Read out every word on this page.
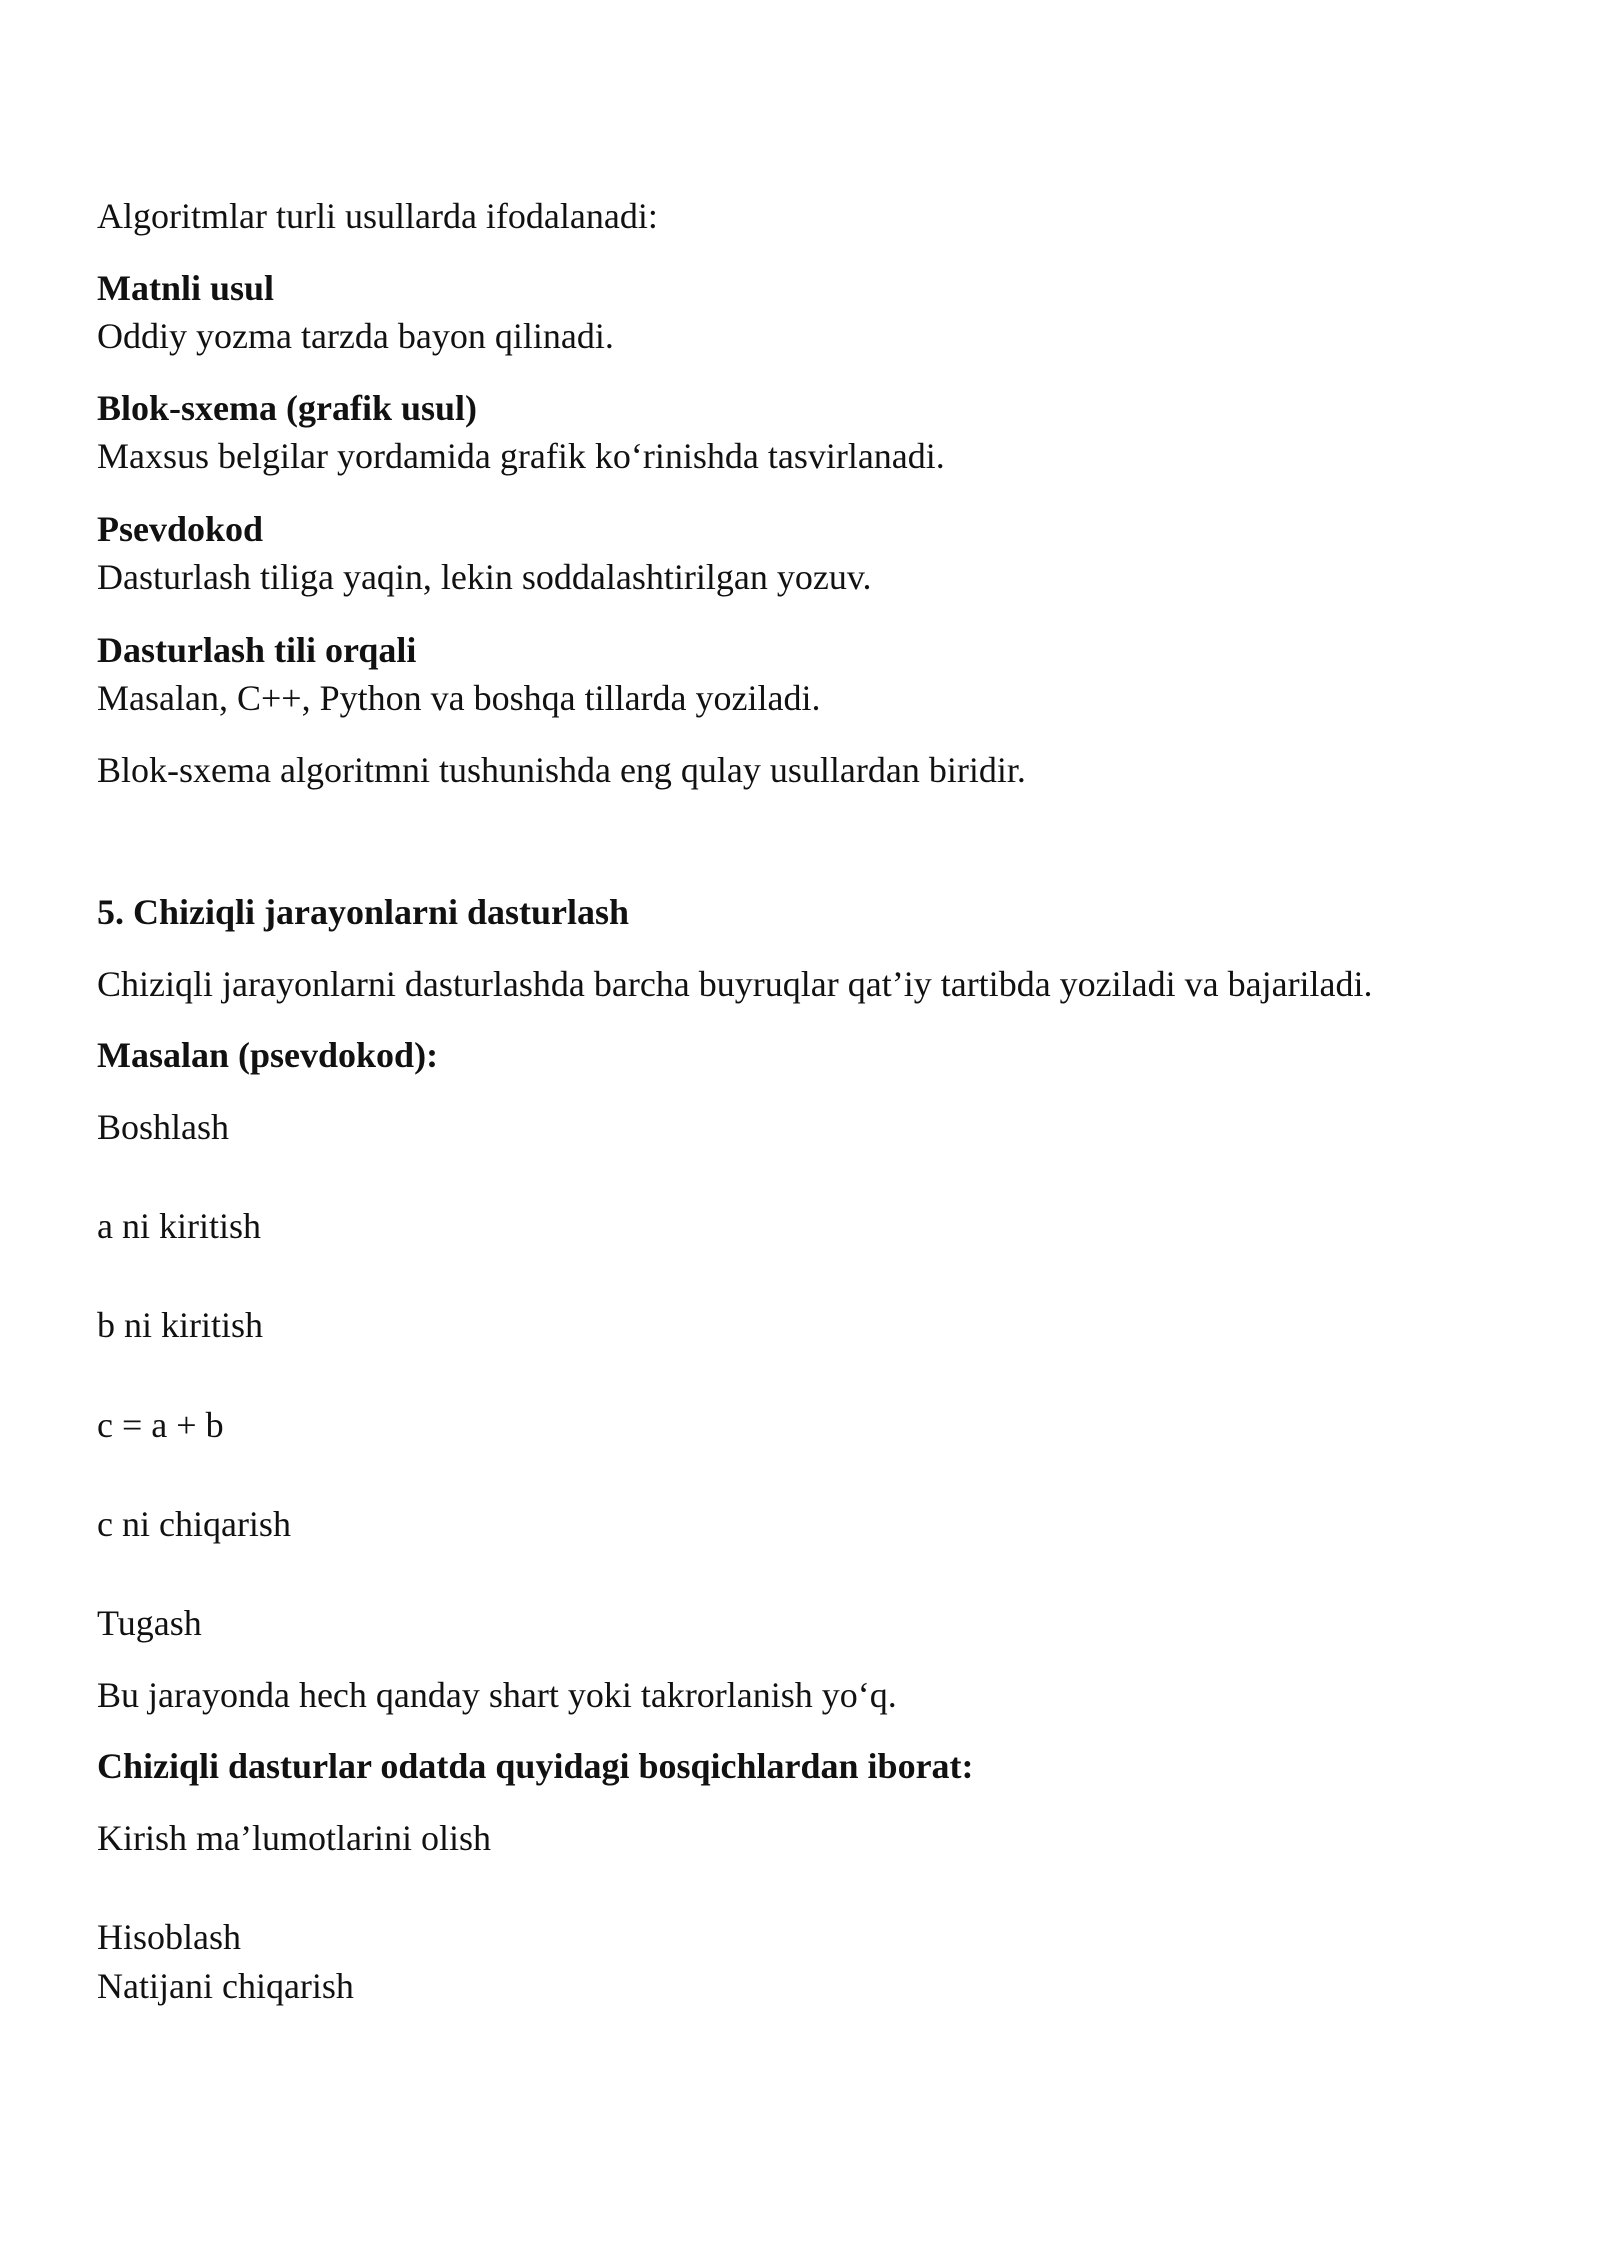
Algoritmlar turli usullarda ifodalanadi:

Matnli usul

Oddiy yozma tarzda bayon qilinadi.

Blok-sxema (grafik usul)

Maxsus belgilar yordamida grafik ko‘rinishda tasvirlanadi.

Psevdokod

Dasturlash tiliga yaqin, lekin soddalashtirilgan yozuv.

Dasturlash tili orqali

Masalan, C++, Python va boshqa tillarda yoziladi.

Blok-sxema algoritmni tushunishda eng qulay usullardan biridir.

5. Chiziqli jarayonlarni dasturlash

Chiziqli jarayonlarni dasturlashda barcha buyruqlar qat’iy tartibda yoziladi va bajariladi.

Masalan (psevdokod):

Boshlash

a ni kiritish

b ni kiritish

c = a + b

c ni chiqarish

Tugash

Bu jarayonda hech qanday shart yoki takrorlanish yo‘q.

Chiziqli dasturlar odatda quyidagi bosqichlardan iborat:

Kirish ma’lumotlarini olish

Hisoblash

Natijani chiqarish
